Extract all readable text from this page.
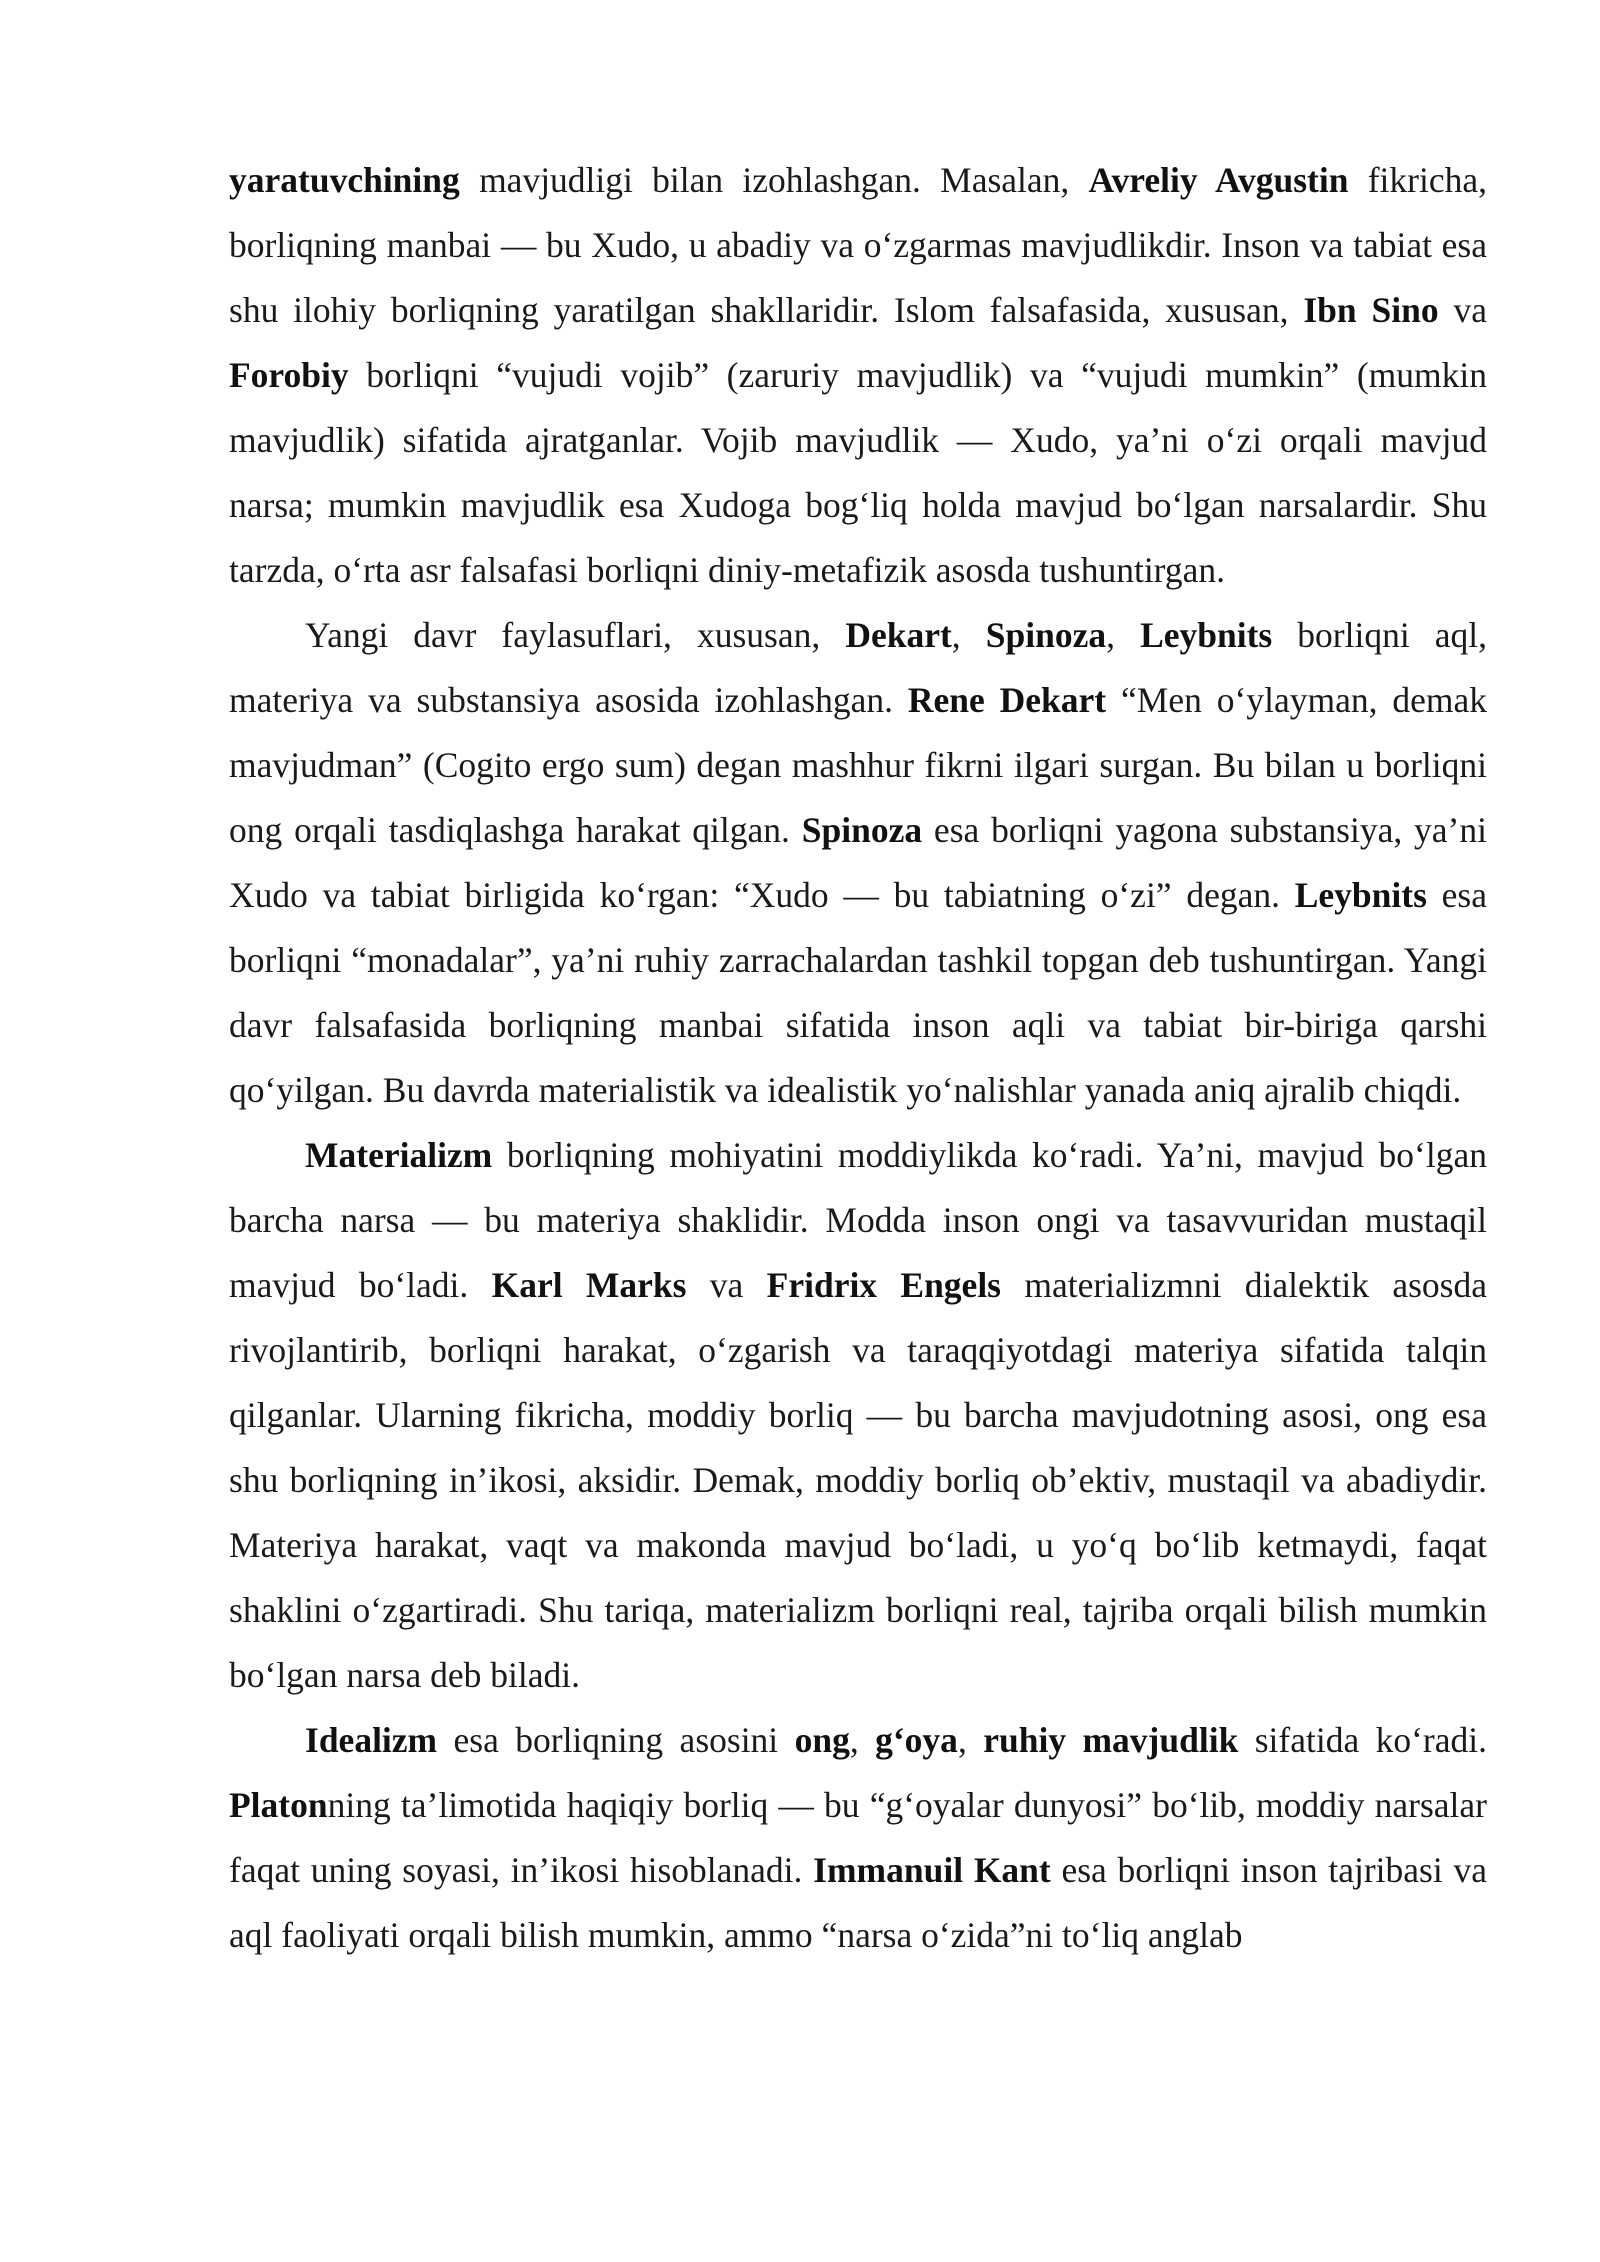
yaratuvchining mavjudligi bilan izohlashgan. Masalan, Avreliy Avgustin fikricha, borliqning manbai — bu Xudo, u abadiy va o‘zgarmas mavjudlikdir. Inson va tabiat esa shu ilohiy borliqning yaratilgan shakllaridir. Islom falsafasida, xususan, Ibn Sino va Forobiy borliqni “vujudi vojib” (zaruriy mavjudlik) va “vujudi mumkin” (mumkin mavjudlik) sifatida ajratganlar. Vojib mavjudlik — Xudo, ya’ni o‘zi orqali mavjud narsa; mumkin mavjudlik esa Xudoga bog‘liq holda mavjud bo‘lgan narsalardir. Shu tarzda, o‘rta asr falsafasi borliqni diniy-metafizik asosda tushuntirgan.

Yangi davr faylasuflari, xususan, Dekart, Spinoza, Leybnits borliqni aql, materiya va substansiya asosida izohlashgan. Rene Dekart “Men o‘ylayman, demak mavjudman” (Cogito ergo sum) degan mashhur fikrni ilgari surgan. Bu bilan u borliqni ong orqali tasdiqlashga harakat qilgan. Spinoza esa borliqni yagona substansiya, ya’ni Xudo va tabiat birligida ko‘rgan: “Xudo — bu tabiatning o‘zi” degan. Leybnits esa borliqni “monadalar”, ya’ni ruhiy zarrachalardan tashkil topgan deb tushuntirgan. Yangi davr falsafasida borliqning manbai sifatida inson aqli va tabiat bir-biriga qarshi qo‘yilgan. Bu davrda materialistik va idealistik yo‘nalishlar yanada aniq ajralib chiqdi.

Materializm borliqning mohiyatini moddiylikda ko‘radi. Ya’ni, mavjud bo‘lgan barcha narsa — bu materiya shaklidir. Modda inson ongi va tasavvuridan mustaqil mavjud bo‘ladi. Karl Marks va Fridrix Engels materializmni dialektik asosda rivojlantirib, borliqni harakat, o‘zgarish va taraqqiyotdagi materiya sifatida talqin qilganlar. Ularning fikricha, moddiy borliq — bu barcha mavjudotning asosi, ong esa shu borliqning in’ikosi, aksidir. Demak, moddiy borliq ob’ektiv, mustaqil va abadiydir. Materiya harakat, vaqt va makonda mavjud bo‘ladi, u yo‘q bo‘lib ketmaydi, faqat shaklini o‘zgartiradi. Shu tariqa, materializm borliqni real, tajriba orqali bilish mumkin bo‘lgan narsa deb biladi.

Idealizm esa borliqning asosini ong, g‘oya, ruhiy mavjudlik sifatida ko‘radi. Platonning ta’limotida haqiqiy borliq — bu “g‘oyalar dunyosi” bo‘lib, moddiy narsalar faqat uning soyasi, in’ikosi hisoblanadi. Immanuil Kant esa borliqni inson tajribasi va aql faoliyati orqali bilish mumkin, ammo “narsa o‘zida”ni to‘liq anglab
